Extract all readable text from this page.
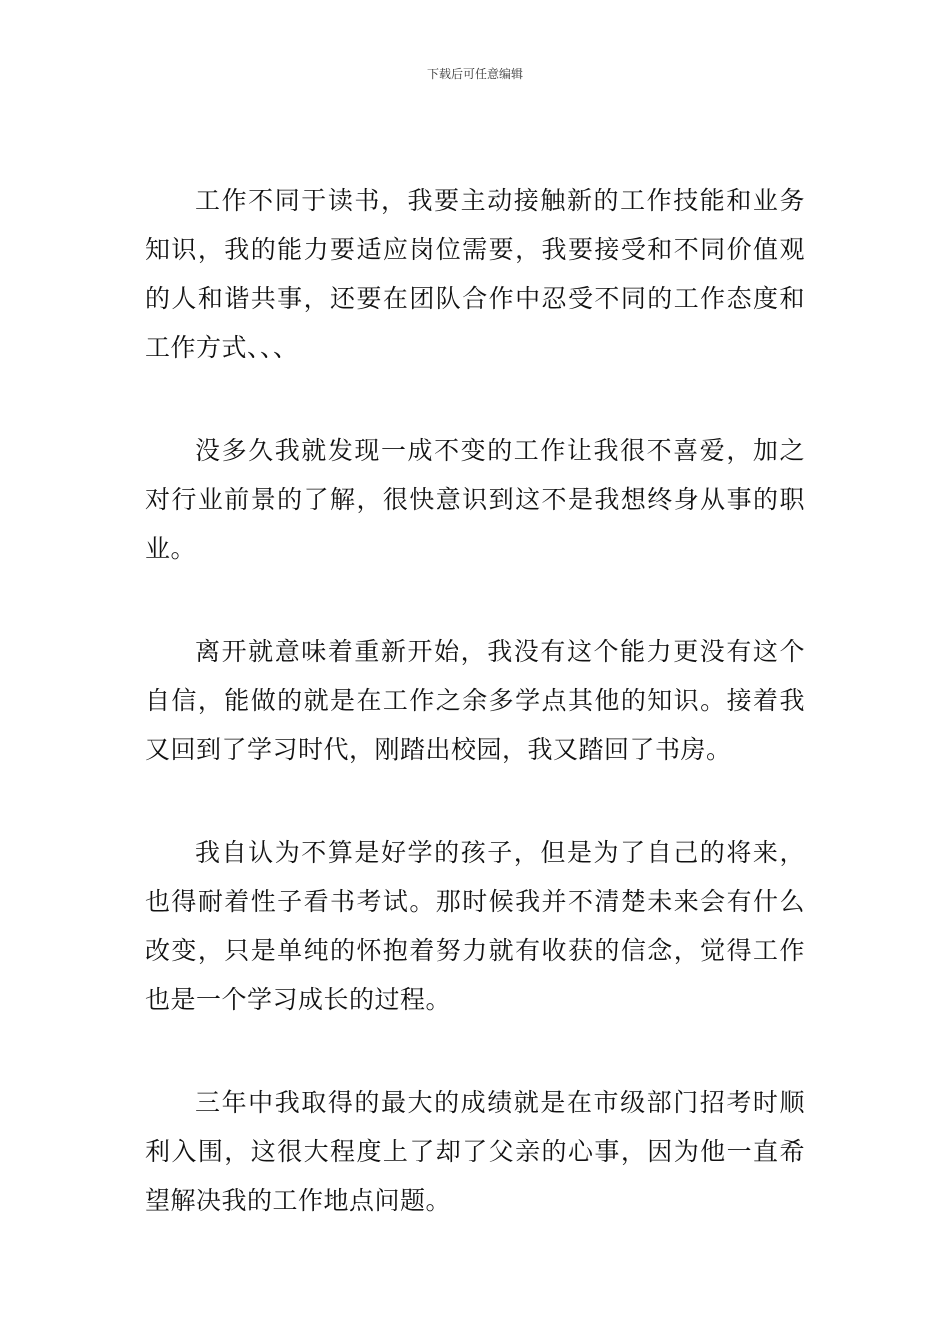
下载后可任意编辑

工作不同于读书，我要主动接触新的工作技能和业务知识，我的能力要适应岗位需要，我要接受和不同价值观的人和谐共事，还要在团队合作中忍受不同的工作态度和工作方式、、、

没多久我就发现一成不变的工作让我很不喜爱，加之对行业前景的了解，很快意识到这不是我想终身从事的职业。

离开就意味着重新开始，我没有这个能力更没有这个自信，能做的就是在工作之余多学点其他的知识。接着我又回到了学习时代，刚踏出校园，我又踏回了书房。

我自认为不算是好学的孩子，但是为了自己的将来，也得耐着性子看书考试。那时候我并不清楚未来会有什么改变，只是单纯的怀抱着努力就有收获的信念，觉得工作也是一个学习成长的过程。

三年中我取得的最大的成绩就是在市级部门招考时顺利入围，这很大程度上了却了父亲的心事，因为他一直希望解决我的工作地点问题。
